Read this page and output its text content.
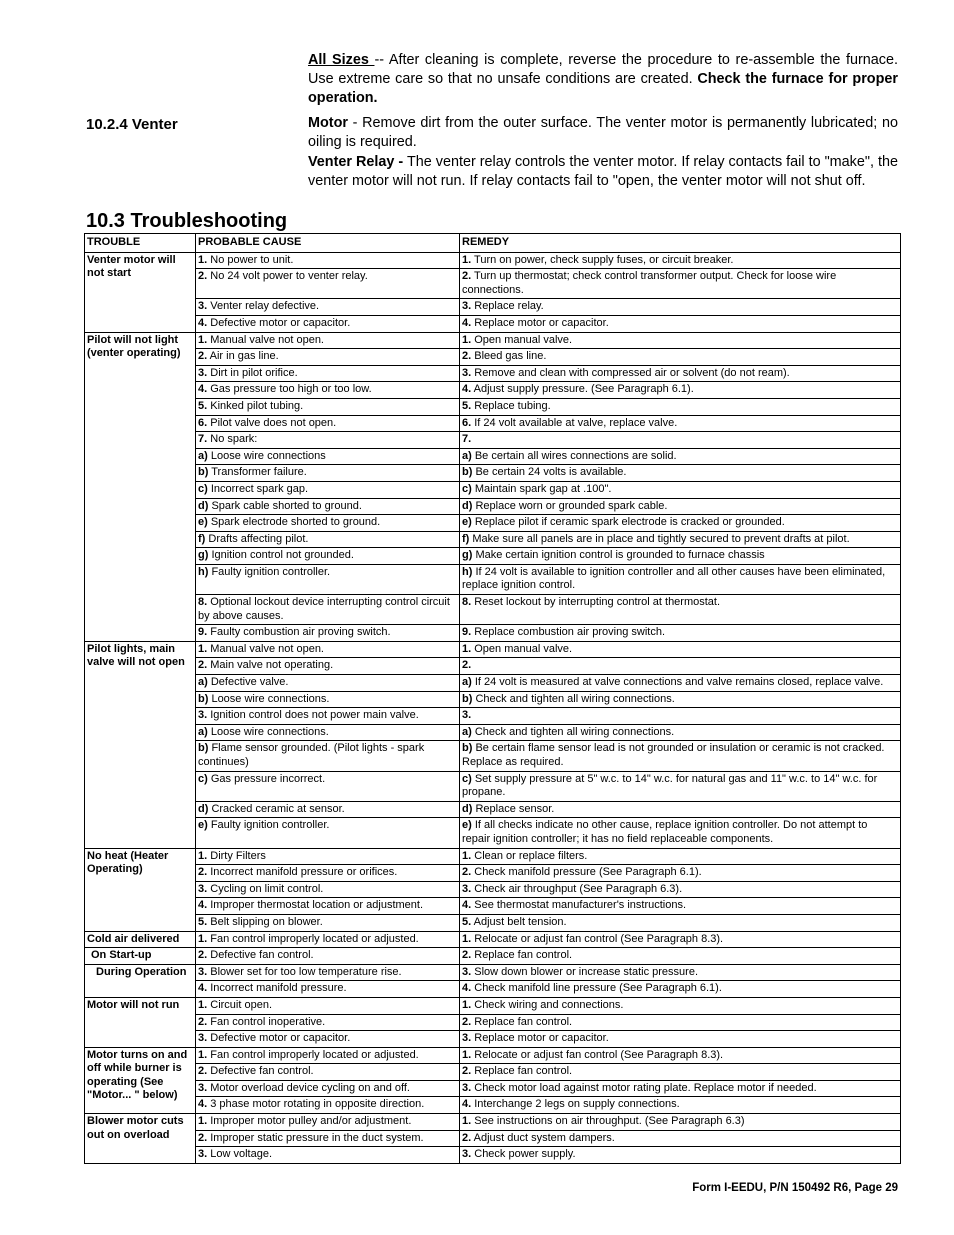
All Sizes -- After cleaning is complete, reverse the procedure to re-assemble the furnace. Use extreme care so that no unsafe conditions are created. Check the furnace for proper operation.

10.2.4 Venter	Motor - Remove dirt from the outer surface. The venter motor is permanently lubricated; no oiling is required.

Venter Relay - The venter relay controls the venter motor. If relay contacts fail to "make", the venter motor will not run. If relay contacts fail to "open, the venter motor will not shut off.

10.3 Troubleshooting
TROUBLE	PROBABLE CAUSE	REMEDY
Venter motor will not start	1. No power to unit.	1. Turn on power, check supply fuses, or circuit breaker.
	2. No 24 volt power to venter relay.	2. Turn up thermostat; check control transformer output. Check for loose wire connections.
	3. Venter relay defective.	3. Replace relay.
	4. Defective motor or capacitor.	4. Replace motor or capacitor.
Pilot will not light (venter operating)	1. Manual valve not open.	1. Open manual valve.
	2. Air in gas line.	2. Bleed gas line.
	3. Dirt in pilot orifice.	3. Remove and clean with compressed air or solvent (do not ream).
	4. Gas pressure too high or too low.	4. Adjust supply pressure. (See Paragraph 6.1).
	5. Kinked pilot tubing.	5. Replace tubing.
	6. Pilot valve does not open.	6. If 24 volt available at valve, replace valve.
	7. No spark:	7.
	a) Loose wire connections	a) Be certain all wires connections are solid.
	b) Transformer failure.	b) Be certain 24 volts is available.
	c) Incorrect spark gap.	c) Maintain spark gap at .100".
	d) Spark cable shorted to ground.	d) Replace worn or grounded spark cable.
	e) Spark electrode shorted to ground.	e) Replace pilot if ceramic spark electrode is cracked or grounded.
	f) Drafts affecting pilot.	f) Make sure all panels are in place and tightly secured to prevent drafts at pilot.
	g) Ignition control not grounded.	g) Make certain ignition control is grounded to furnace chassis
	h) Faulty ignition controller.	h) If 24 volt is available to ignition controller and all other causes have been eliminated, replace ignition control.
	8. Optional lockout device interrupting control circuit by above causes.	8. Reset lockout by interrupting control at thermostat.
	9. Faulty combustion air proving switch.	9. Replace combustion air proving switch.
Pilot lights, main valve will not open	1. Manual valve not open.	1. Open manual valve.
	2. Main valve not operating.	2.
	a) Defective valve.	a) If 24 volt is measured at valve connections and valve remains closed, replace valve.
	b) Loose wire connections.	b) Check and tighten all wiring connections.
	3. Ignition control does not power main valve.	3.
	a) Loose wire connections.	a) Check and tighten all wiring connections.
	b) Flame sensor grounded. (Pilot lights - spark continues)	b) Be certain flame sensor lead is not grounded or insulation or ceramic is not cracked. Replace as required.
	c) Gas pressure incorrect.	c) Set supply pressure at 5" w.c. to 14" w.c. for natural gas and 11" w.c. to 14" w.c. for propane.
	d) Cracked ceramic at sensor.	d) Replace sensor.
	e) Faulty ignition controller.	e) If all checks indicate no other cause, replace ignition controller. Do not attempt to repair ignition controller; it has no field replaceable components.
No heat (Heater Operating)	1. Dirty Filters	1. Clean or replace filters.
	2. Incorrect manifold pressure or orifices.	2. Check manifold pressure (See Paragraph 6.1).
	3. Cycling on limit control.	3. Check air throughput (See Paragraph 6.3).
	4. Improper thermostat location or adjustment.	4. See thermostat manufacturer's instructions.
	5. Belt slipping on blower.	5. Adjust belt tension.
Cold air delivered	1. Fan control improperly located or adjusted.	1. Relocate or adjust fan control (See Paragraph 8.3).

On Start-up	2. Defective fan control.	2. Replace fan control.

During Operation	3. Blower set for too low temperature rise.	3. Slow down blower or increase static pressure.
	4. Incorrect manifold pressure.	4. Check manifold line pressure (See Paragraph 6.1).
Motor will not run	1. Circuit open.	1. Check wiring and connections.
	2. Fan control inoperative.	2. Replace fan control.
	3. Defective motor or capacitor.	3. Replace motor or capacitor.
Motor turns on and off while burner is operating (See "Motor... " below)	1. Fan control improperly located or adjusted.	1. Relocate or adjust fan control (See Paragraph 8.3).
	2. Defective fan control.	2. Replace fan control.
	3. Motor overload device cycling on and off.	3. Check motor load against motor rating plate. Replace motor if needed.
	4. 3 phase motor rotating in opposite direction.	4. Interchange 2 legs on supply connections.
Blower motor cuts out on overload	1. Improper motor pulley and/or adjustment.	1. See instructions on air throughput. (See Paragraph 6.3)
	2. Improper static pressure in the duct system.	2. Adjust duct system dampers.
	3. Low voltage.	3. Check power supply.
Form I-EEDU, P/N 150492 R6, Page 29
